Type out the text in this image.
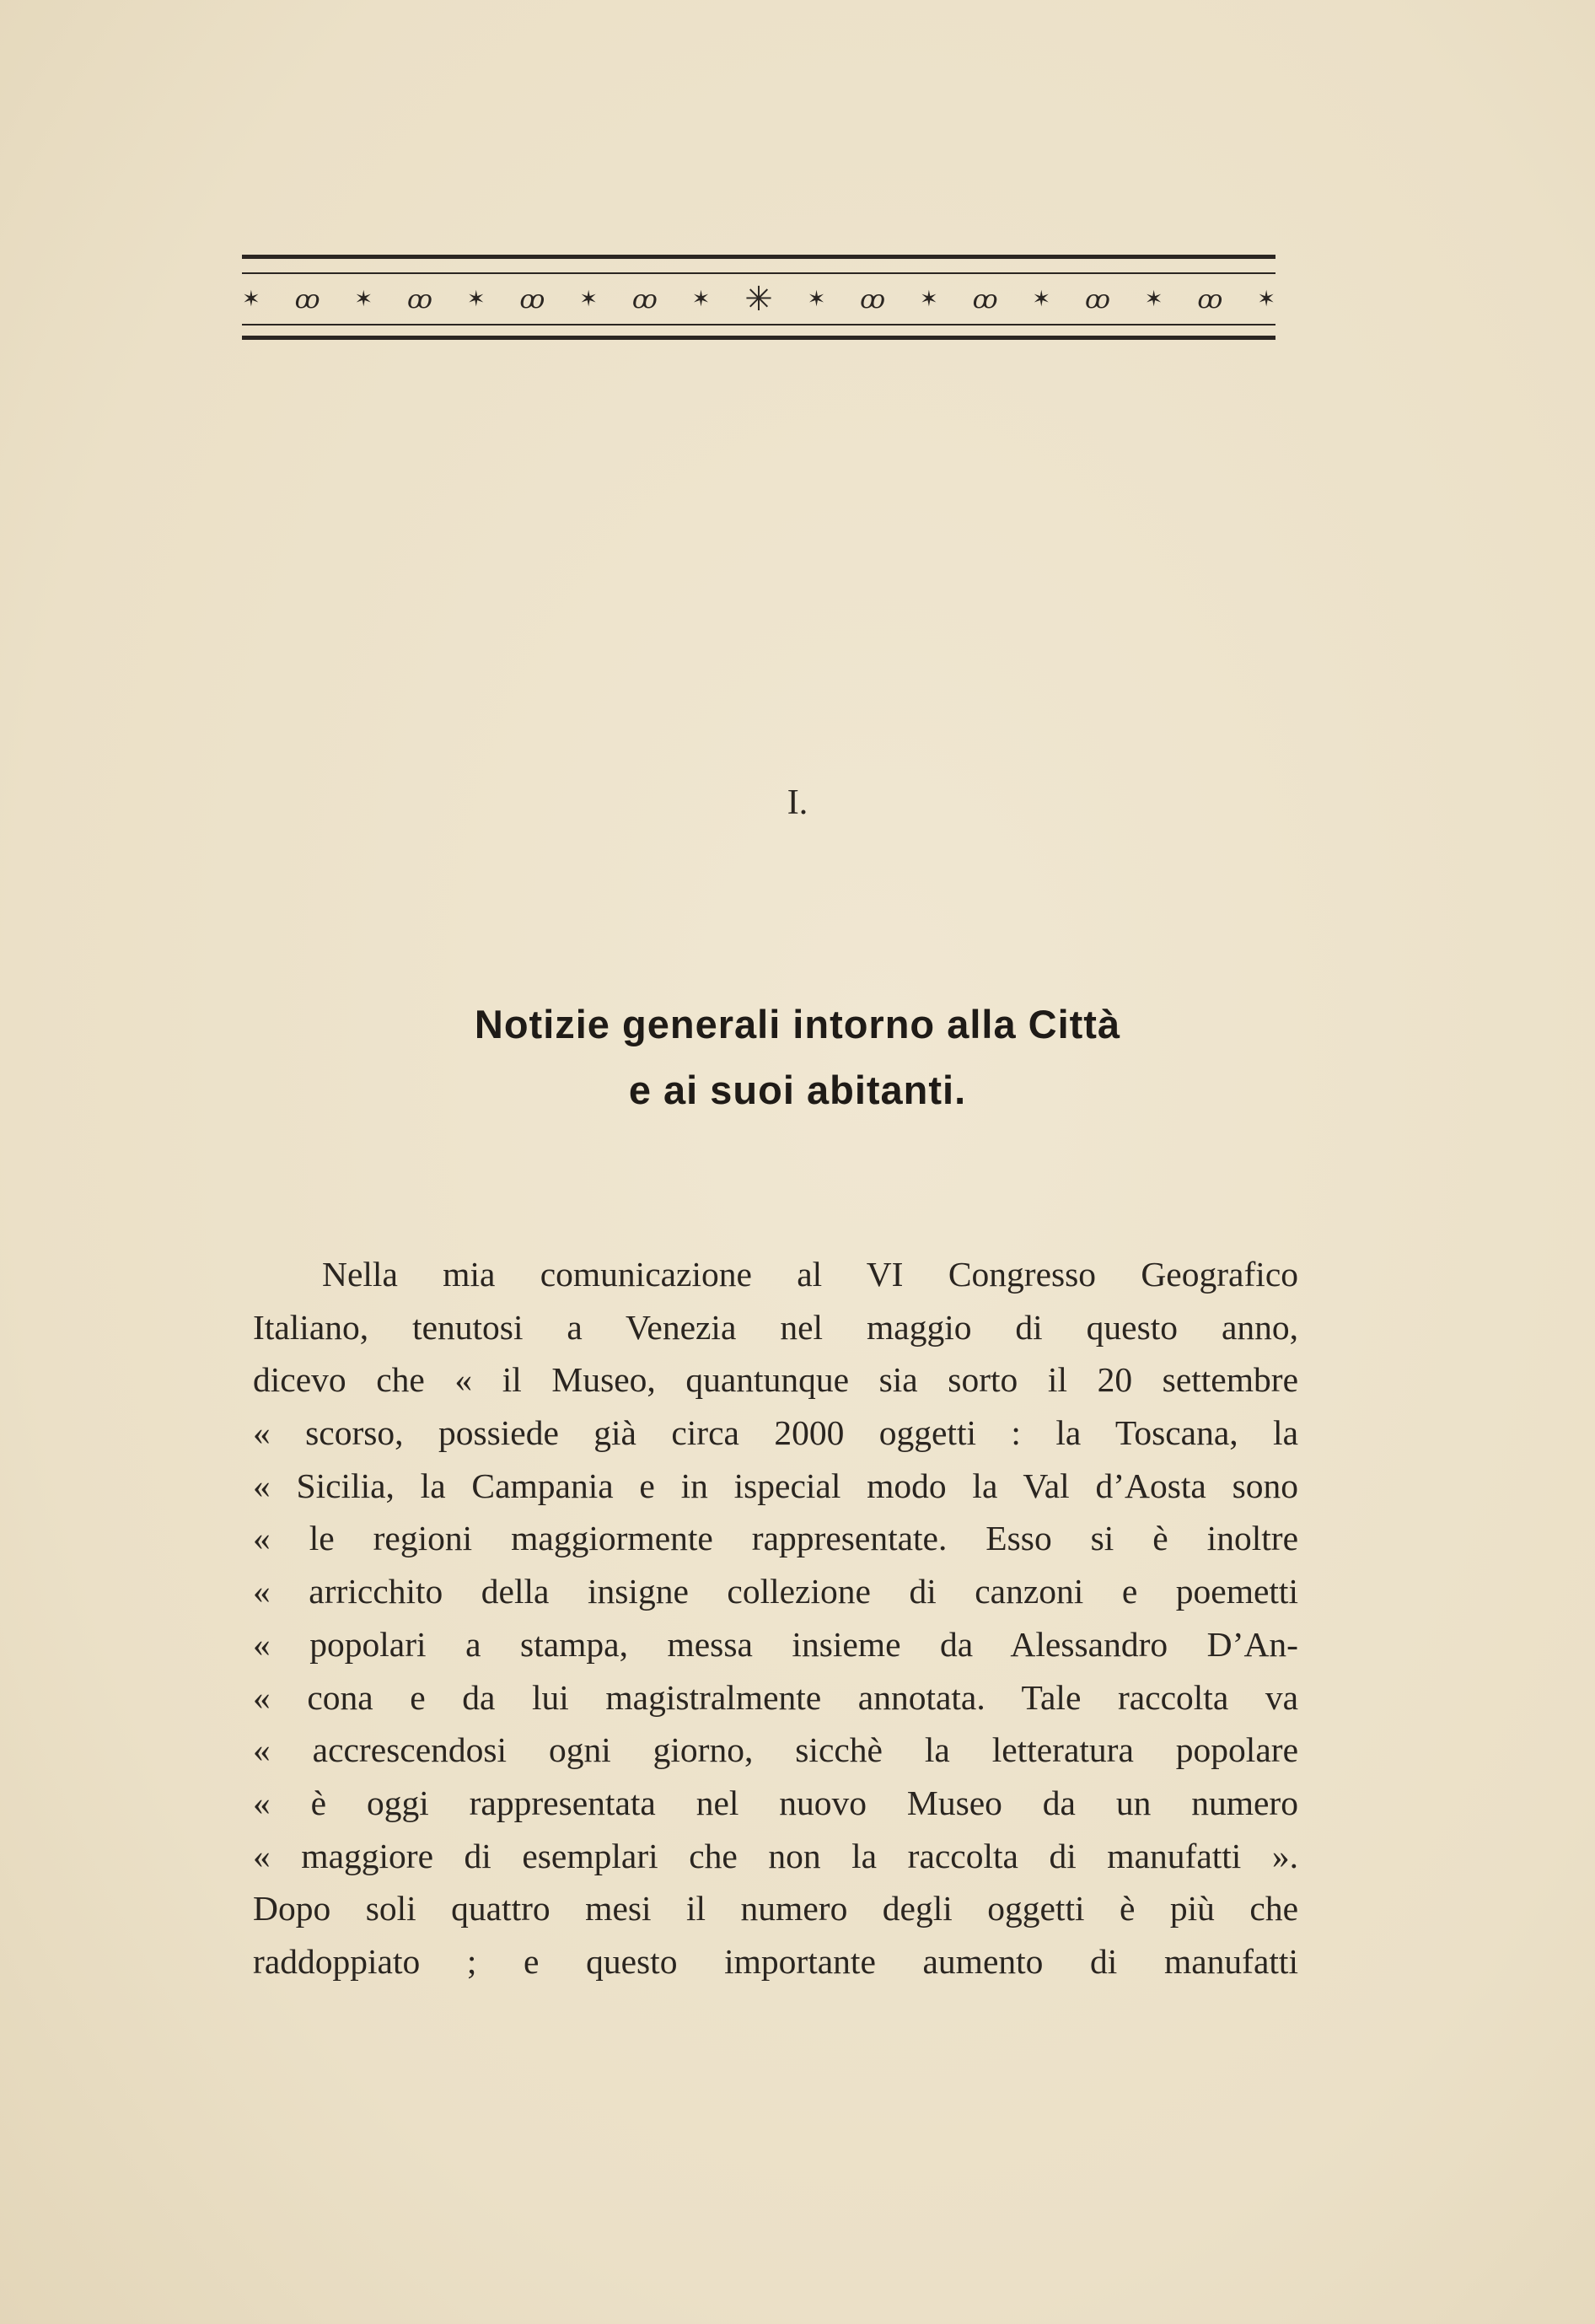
✶ ꝏ ✶ ꝏ ✶ ꝏ ✶ ꝏ ✶ ✳ ✶ ꝏ ✶ ꝏ ✶ ꝏ ✶ ꝏ ✶
I.
Notizie generali intorno alla Città
e ai suoi abitanti.
Nella mia comunicazione al VI Congresso Geografico
Italiano, tenutosi a Venezia nel maggio di questo anno,
dicevo che « il Museo, quantunque sia sorto il 20 settembre
« scorso, possiede già circa 2000 oggetti : la Toscana, la
« Sicilia, la Campania e in ispecial modo la Val d’Aosta sono
« le regioni maggiormente rappresentate. Esso si è inoltre
« arricchito della insigne collezione di canzoni e poemetti
« popolari a stampa, messa insieme da Alessandro D’An-
« cona e da lui magistralmente annotata. Tale raccolta va
« accrescendosi ogni giorno, sicchè la letteratura popolare
« è oggi rappresentata nel nuovo Museo da un numero
« maggiore di esemplari che non la raccolta di manufatti ».
Dopo soli quattro mesi il numero degli oggetti è più che
raddoppiato ; e questo importante aumento di manufatti
